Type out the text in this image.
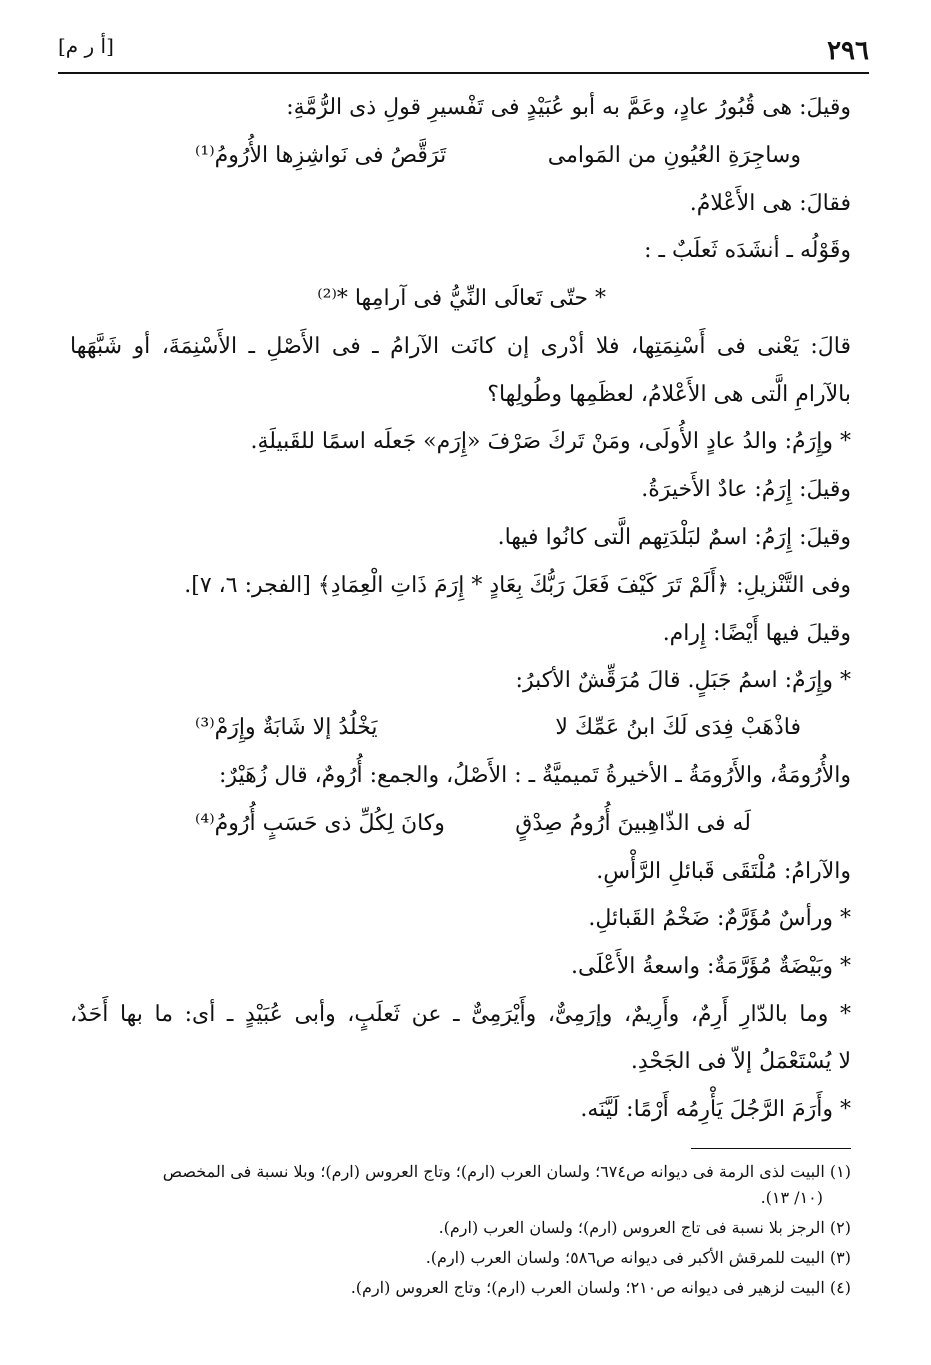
٢٩٦
[أ ر م]
وقيلَ: هى قُبُورُ عادٍ، وعَمَّ به أبو عُبَيْدٍ فى تَفْسيرِ قولِ ذى الرُّمَّةِ:
وساجِرَةِ العُيُونِ من المَوامى
تَرَقَّصُ فى نَواشِزِها الأُرُومُ⁽¹⁾
فقالَ: هى الأَعْلامُ.
وقَوْلُه ـ أنشَدَه ثَعلَبٌ ـ :
* حتّى تَعالَى النِّيُّ فى آرامِها *⁽²⁾
قالَ: يَعْنى فى أَسْنِمَتِها، فلا أدْرى إن كانَت الآرامُ ـ فى الأَصْلِ ـ الأَسْنِمَةَ، أو شَبَّهَها
بالآرامِ الَّتى هى الأَعْلامُ، لعظَمِها وطُولِها؟
* وإِرَمُ: والدُ عادٍ الأُولَى، ومَنْ تَركَ صَرْفَ «إِرَم» جَعلَه اسمًا للقَبيلَةِ.
وقيلَ: إِرَمُ: عادٌ الأَخيرَةُ.
وقيلَ: إِرَمُ: اسمٌ لبَلْدَتِهم الَّتى كانُوا فيها.
وفى التَّنْزيلِ: ﴿أَلَمْ تَرَ كَيْفَ فَعَلَ رَبُّكَ بِعَادٍ * إِرَمَ ذَاتِ الْعِمَادِ﴾ [الفجر: ٦، ٧].
وقيلَ فيها أَيْضًا: إِرام.
* وإِرَمٌ: اسمُ جَبَلٍ. قالَ مُرَقِّشٌ الأكبرُ:
فاذْهَبْ فِدَى لَكَ ابنُ عَمِّكَ لا
يَخْلُدُ إلا شَابَةٌ وإِرَمْ⁽³⁾
والأُرُومَةُ، والأَرُومَةُ ـ الأخيرةُ تَميميَّةٌ ـ : الأَصْلُ، والجمع: أُرُومٌ، قال زُهَيْرٌ:
لَه فى الذّاهِبينَ أُرُومُ صِدْقٍ
وكانَ لِكُلِّ ذى حَسَبٍ أُرُومُ⁽⁴⁾
والآرامُ: مُلْتَقَى قَبائلِ الرَّأْسِ.
* ورأسٌ مُؤَرَّمٌ: ضَخْمُ القَبائلِ.
* وبَيْضَةٌ مُؤَرَّمَةٌ: واسعةُ الأَعْلَى.
* وما بالدّارِ أَرِمٌ، وأَرِيمٌ، وإرَمِىٌّ، وأَيْرَمِىٌّ ـ عن ثَعلَبٍ، وأبى عُبَيْدٍ ـ أى: ما بها أَحَدٌ،
لا يُسْتَعْمَلُ إلاّ فى الجَحْدِ.
* وأَرَمَ الرَّجُلَ يَأْرِمُه أَرْمًا: لَيَّنَه.
(١) البيت لذى الرمة فى ديوانه ص٦٧٤؛ ولسان العرب (ارم)؛ وتاج العروس (ارم)؛ وبلا نسبة فى المخصص
(١٠/ ١٣).
(٢) الرجز بلا نسبة فى تاج العروس (ارم)؛ ولسان العرب (ارم).
(٣) البيت للمرقش الأكبر فى ديوانه ص٥٨٦؛ ولسان العرب (ارم).
(٤) البيت لزهير فى ديوانه ص٢١٠؛ ولسان العرب (ارم)؛ وتاج العروس (ارم).
